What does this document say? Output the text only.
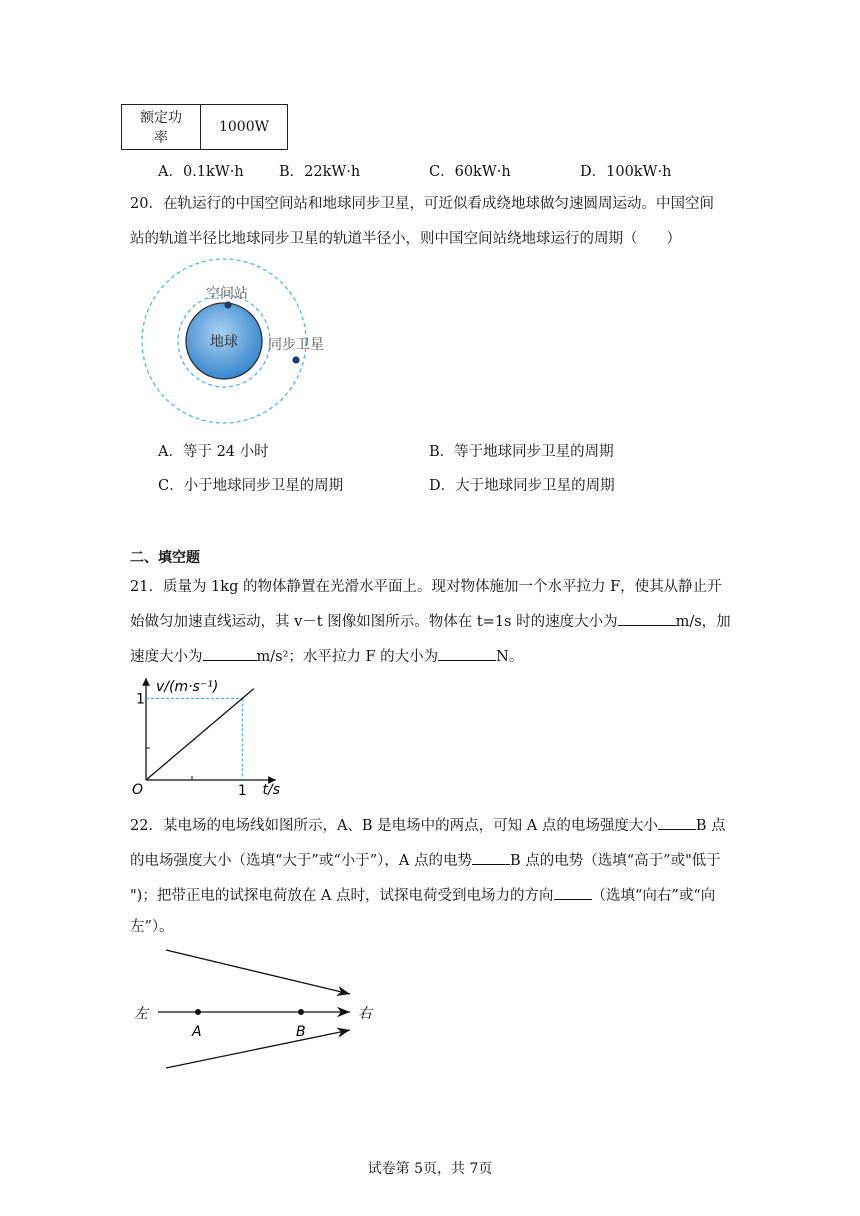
额定功率	1000W
A．0.1kW·h B．22kW·h	C．60kW·h	D．100kW·h
20．在轨运行的中国空间站和地球同步卫星，可近似看成绕地球做匀速圆周运动。中国空间
站的轨道半径比地球同步卫星的轨道半径小，则中国空间站绕地球运行的周期（　　）
地球
空间站
同步卫星
A．等于 24 小时	B．等于地球同步卫星的周期
C．小于地球同步卫星的周期	D．大于地球同步卫星的周期
二、填空题
21．质量为 1kg 的物体静置在光滑水平面上。现对物体施加一个水平拉力 F，使其从静止开
始做匀加速直线运动，其 v－t 图像如图所示。物体在 t=1s 时的速度大小为	m/s，加
速度大小为	m/s²；水平拉力 F 的大小为	N。
v/(m·s⁻¹)
t/s
O
1
1
22．某电场的电场线如图所示，A、B 是电场中的两点，可知 A 点的电场强度大小	B 点
的电场强度大小（选填“大于”或“小于”），A 点的电势	B 点的电势（选填“高于”或"低于
")；把带正电的试探电荷放在 A 点时，试探电荷受到电场力的方向	（选填“向右”或“向
左”）。
左	右
A	B
试卷第 5页，共 7页
